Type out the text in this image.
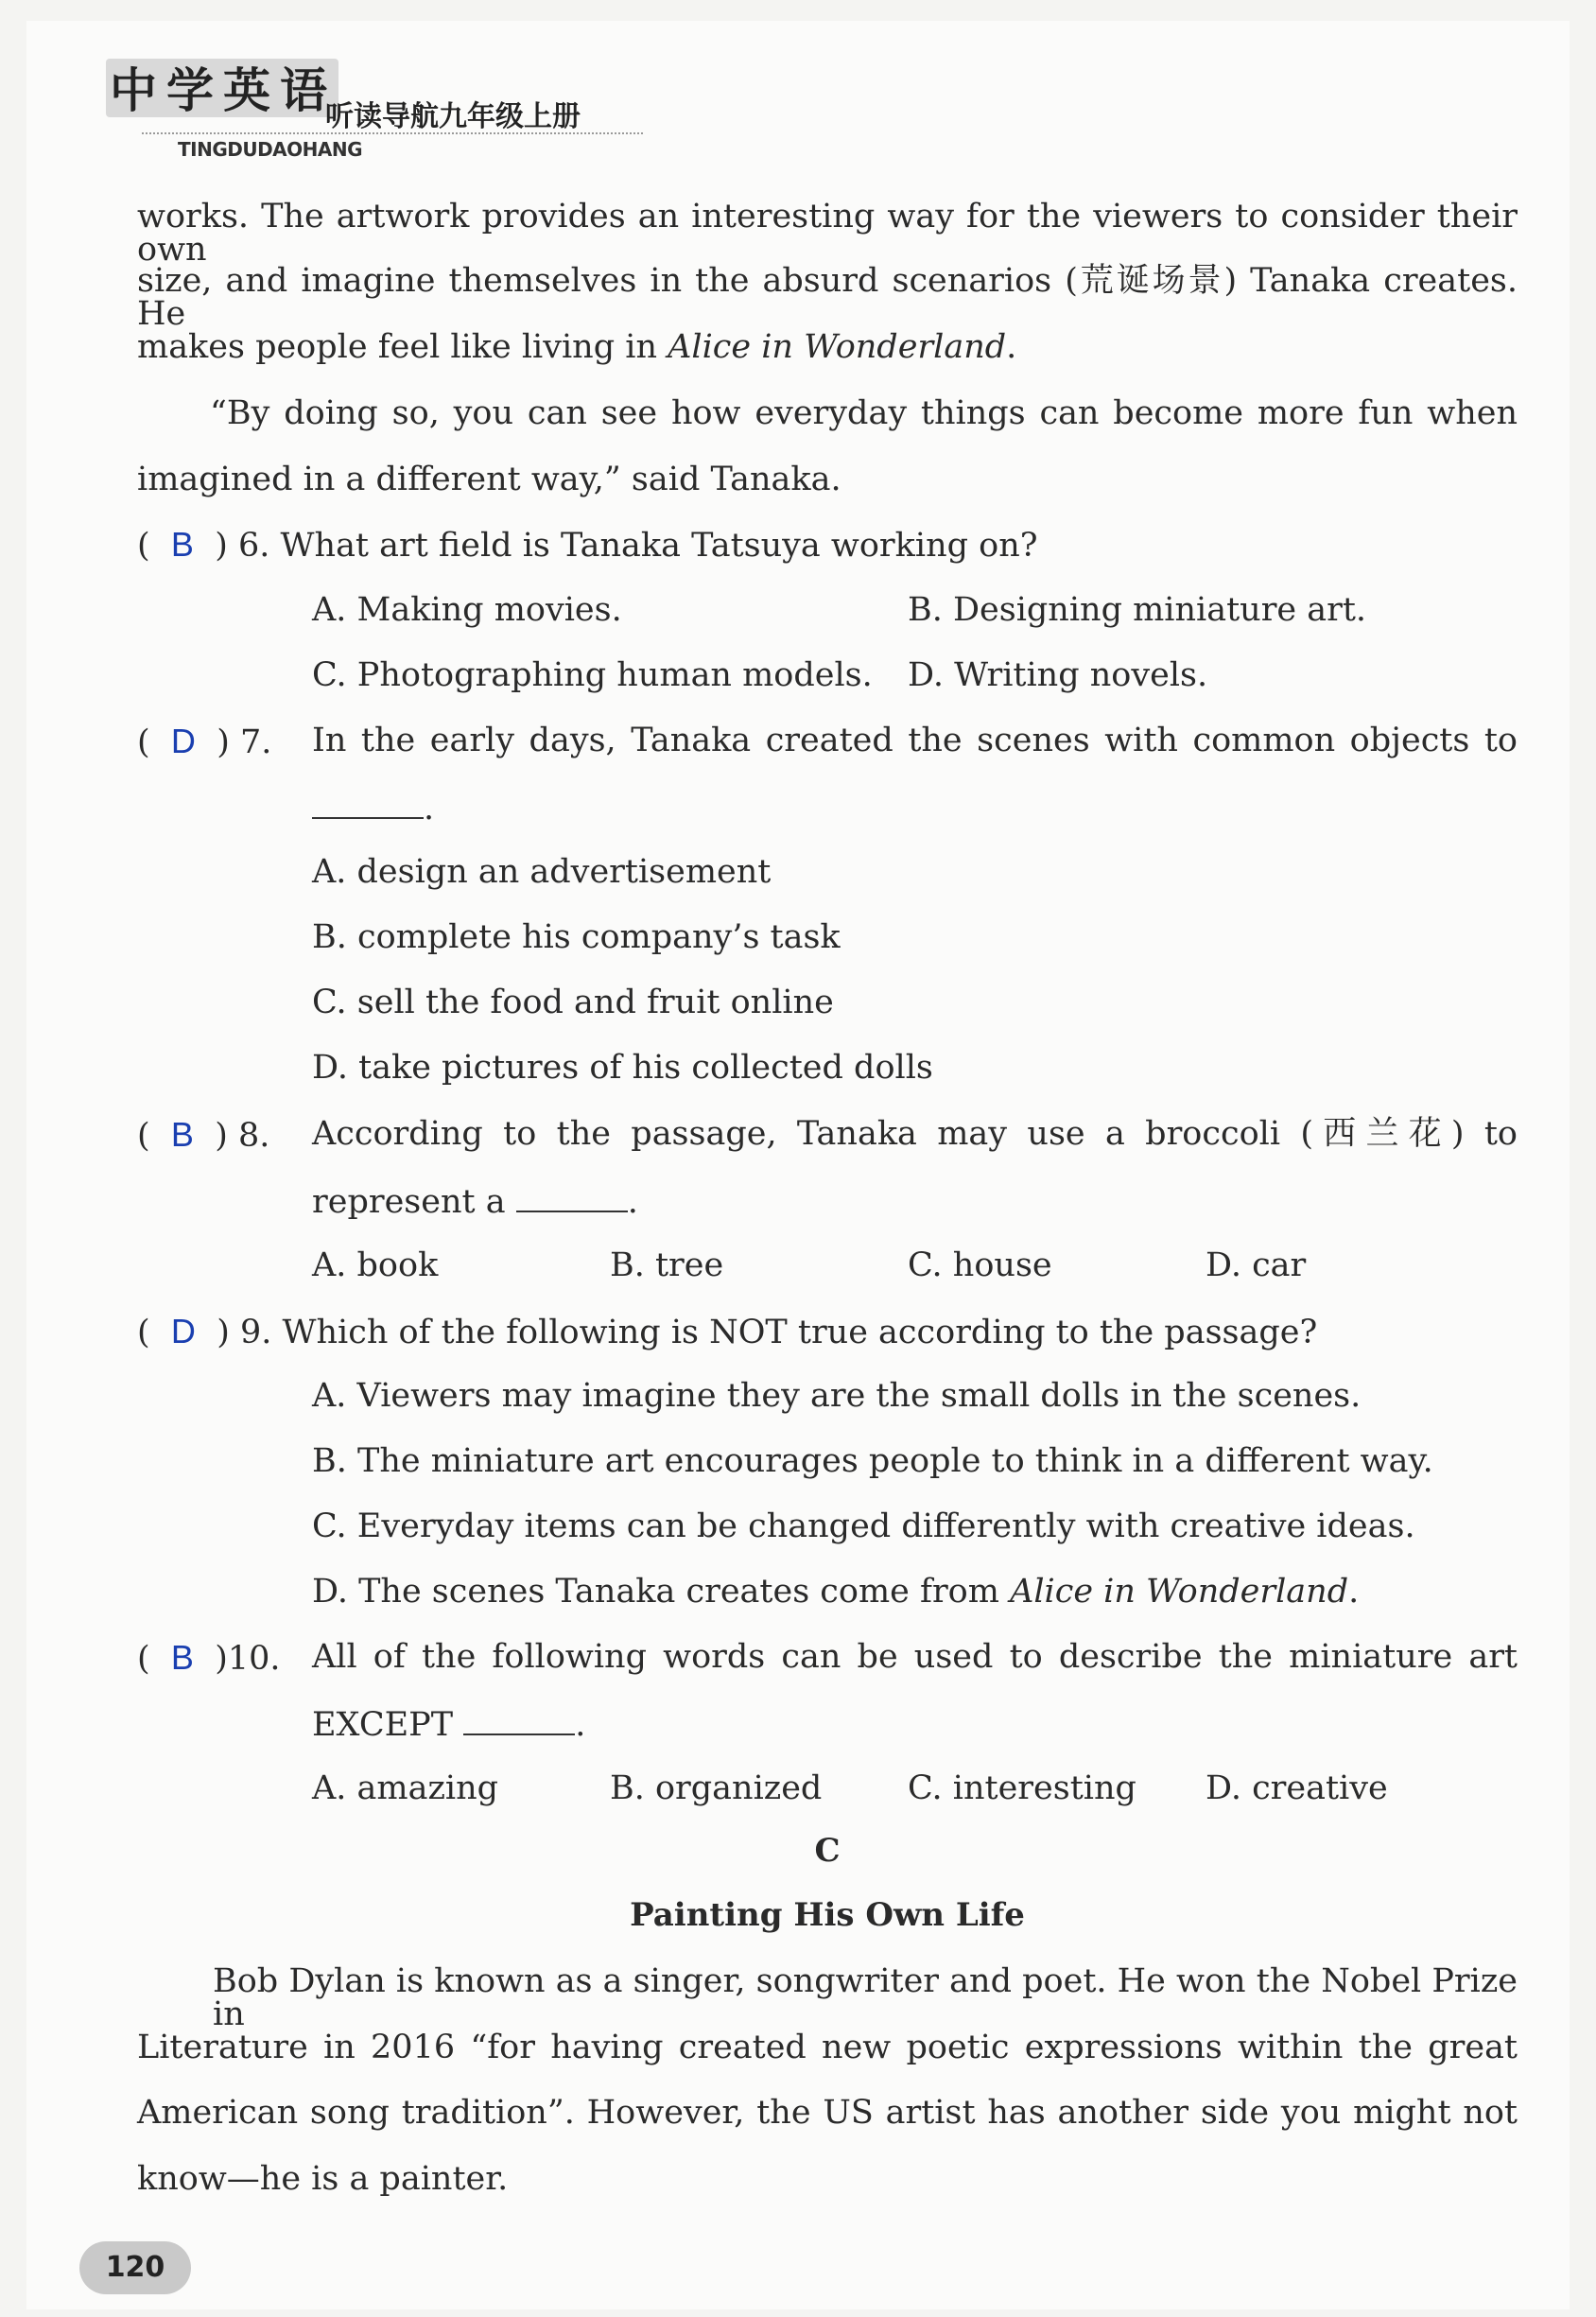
中学英语
听读导航九年级上册
TINGDUDAOHANG
works. The artwork provides an interesting way for the viewers to consider their own
size, and imagine themselves in the absurd scenarios (荒诞场景) Tanaka creates. He
makes people feel like living in Alice in Wonderland.
“By doing so, you can see how everyday things can become more fun when
imagined in a different way,” said Tanaka.
( B ) 6. What art field is Tanaka Tatsuya working on?
A. Making movies.	B. Designing miniature art.
C. Photographing human models. D. Writing novels.
( D ) 7. In the early days, Tanaka created the scenes with common objects to
.
A. design an advertisement
B. complete his company’s task
C. sell the food and fruit online
D. take pictures of his collected dolls
( B ) 8. According to the passage, Tanaka may use a broccoli (西兰花) to
represent a	.
A. book	B. tree	C. house	D. car
( D ) 9. Which of the following is NOT true according to the passage?
A. Viewers may imagine they are the small dolls in the scenes.
B. The miniature art encourages people to think in a different way.
C. Everyday items can be changed differently with creative ideas.
D. The scenes Tanaka creates come from Alice in Wonderland.
( B )10. All of the following words can be used to describe the miniature art
EXCEPT	.
A. amazing	B. organized	C. interesting D. creative
C
Painting His Own Life
Bob Dylan is known as a singer, songwriter and poet. He won the Nobel Prize in
Literature in 2016 “for having created new poetic expressions within the great
American song tradition”. However, the US artist has another side you might not
know—he is a painter.
120
